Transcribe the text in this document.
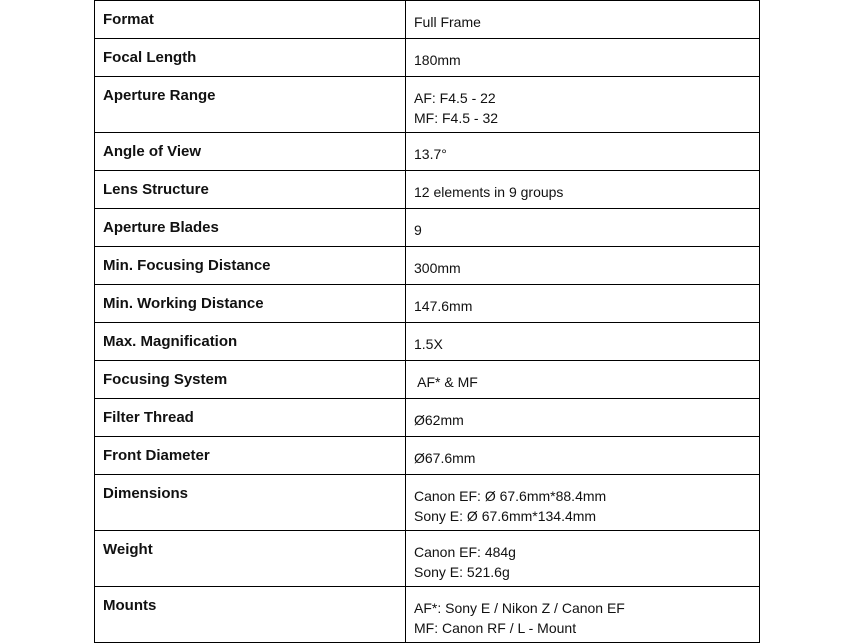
Format	Full Frame

Focal Length	180mm

Aperture Range	AF: F4.5 - 22
MF: F4.5 - 32

Angle of View	13.7°

Lens Structure	12 elements in 9 groups

Aperture Blades	9

Min. Focusing Distance	300mm

Min. Working Distance	147.6mm

Max. Magnification	1.5X

Focusing System	AF* & MF

Filter Thread	Ø62mm

Front Diameter	Ø67.6mm

Dimensions	Canon EF: Ø 67.6mm*88.4mm
Sony E: Ø 67.6mm*134.4mm

Weight	Canon EF: 484g
Sony E: 521.6g

Mounts	AF*: Sony E / Nikon Z / Canon EF
MF: Canon RF / L - Mount
